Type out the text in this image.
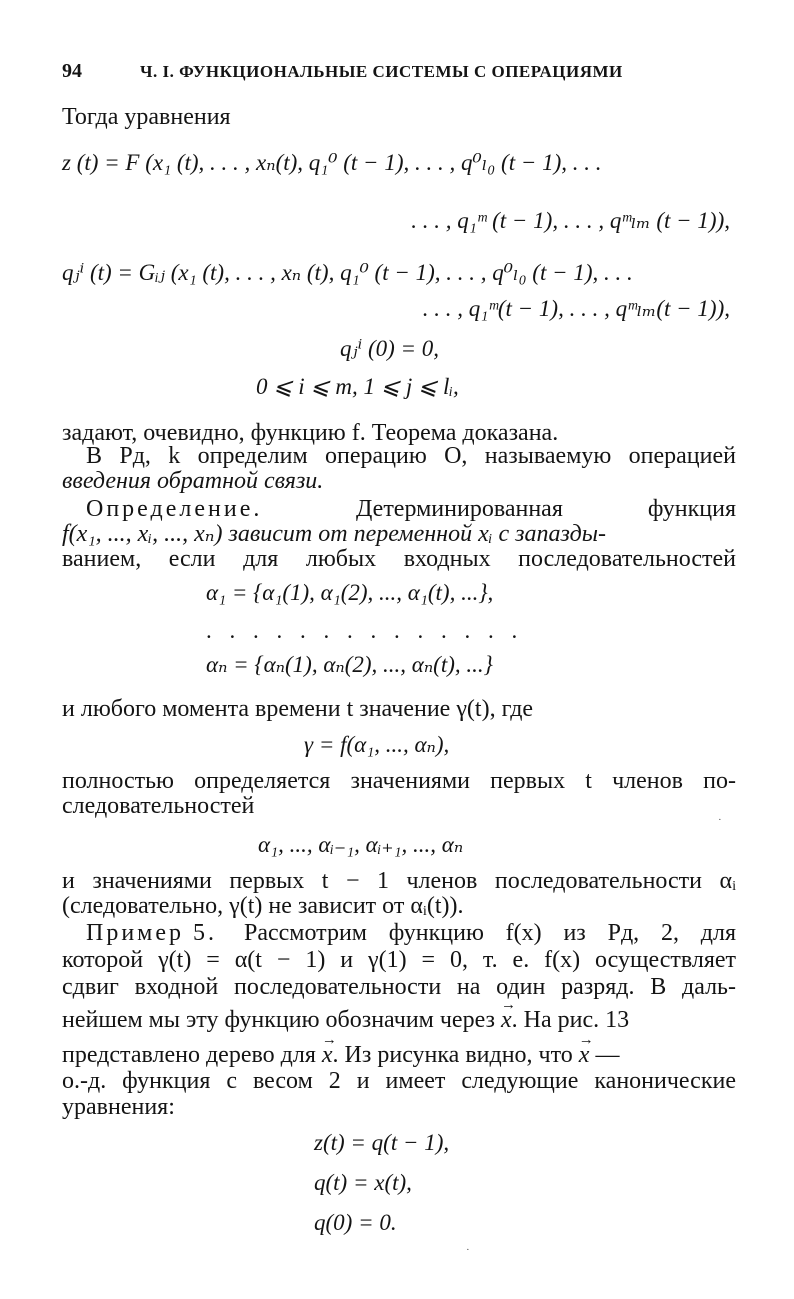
94	Ч. I. ФУНКЦИОНАЛЬНЫЕ СИСТЕМЫ С ОПЕРАЦИЯМИ
Тогда уравнения
z (t) = F (x₁ (t), . . . , xₙ(t), q₁⁰ (t − 1), . . . , q⁰ₗ₀ (t − 1), . . .
. . . , q₁ᵐ (t − 1), . . . , qᵐₗₘ (t − 1)),
qⱼⁱ (t) = Gᵢⱼ (x₁ (t), . . . , xₙ (t), q₁⁰ (t − 1), . . . , q⁰ₗ₀ (t − 1), . . .
. . . , q₁ᵐ(t − 1), . . . , qᵐₗₘ(t − 1)),
qⱼⁱ (0) = 0,
0 ⩽ i ⩽ m, 1 ⩽ j ⩽ lᵢ,
задают, очевидно, функцию f. Теорема доказана.
В Pд, k определим операцию O, называемую операцией
введения обратной связи.
Определение.	Детерминированная функция
f(x₁, ..., xᵢ, ..., xₙ) зависит от переменной xᵢ с запазды-
ванием, если для любых входных последовательностей
α₁ = {α₁(1), α₁(2), ..., α₁(t), ...},
. . . . . . . . . . . . . .
αₙ = {αₙ(1), αₙ(2), ..., αₙ(t), ...}
и любого момента времени t значение γ(t), где
γ = f(α₁, ..., αₙ),
полностью определяется значениями первых t членов по-
следовательностей
α₁, ..., αᵢ₋₁, αᵢ₊₁, ..., αₙ
·
и значениями первых t − 1 членов последовательности αᵢ
(следовательно, γ(t) не зависит от αᵢ(t)).
Пример 5. Рассмотрим функцию f(x) из Pд, 2, для
которой γ(t) = α(t − 1) и γ(1) = 0, т. е. f(x) осуществляет
сдвиг входной последовательности на один разряд. В даль-
нейшем мы эту функцию обозначим через → x. На рис. 13
представлено дерево для → x. Из рисунка видно, что → x —
о.-д. функция с весом 2 и имеет следующие канонические
уравнения:
z(t) = q(t − 1),
q(t) = x(t),
q(0) = 0.
·
